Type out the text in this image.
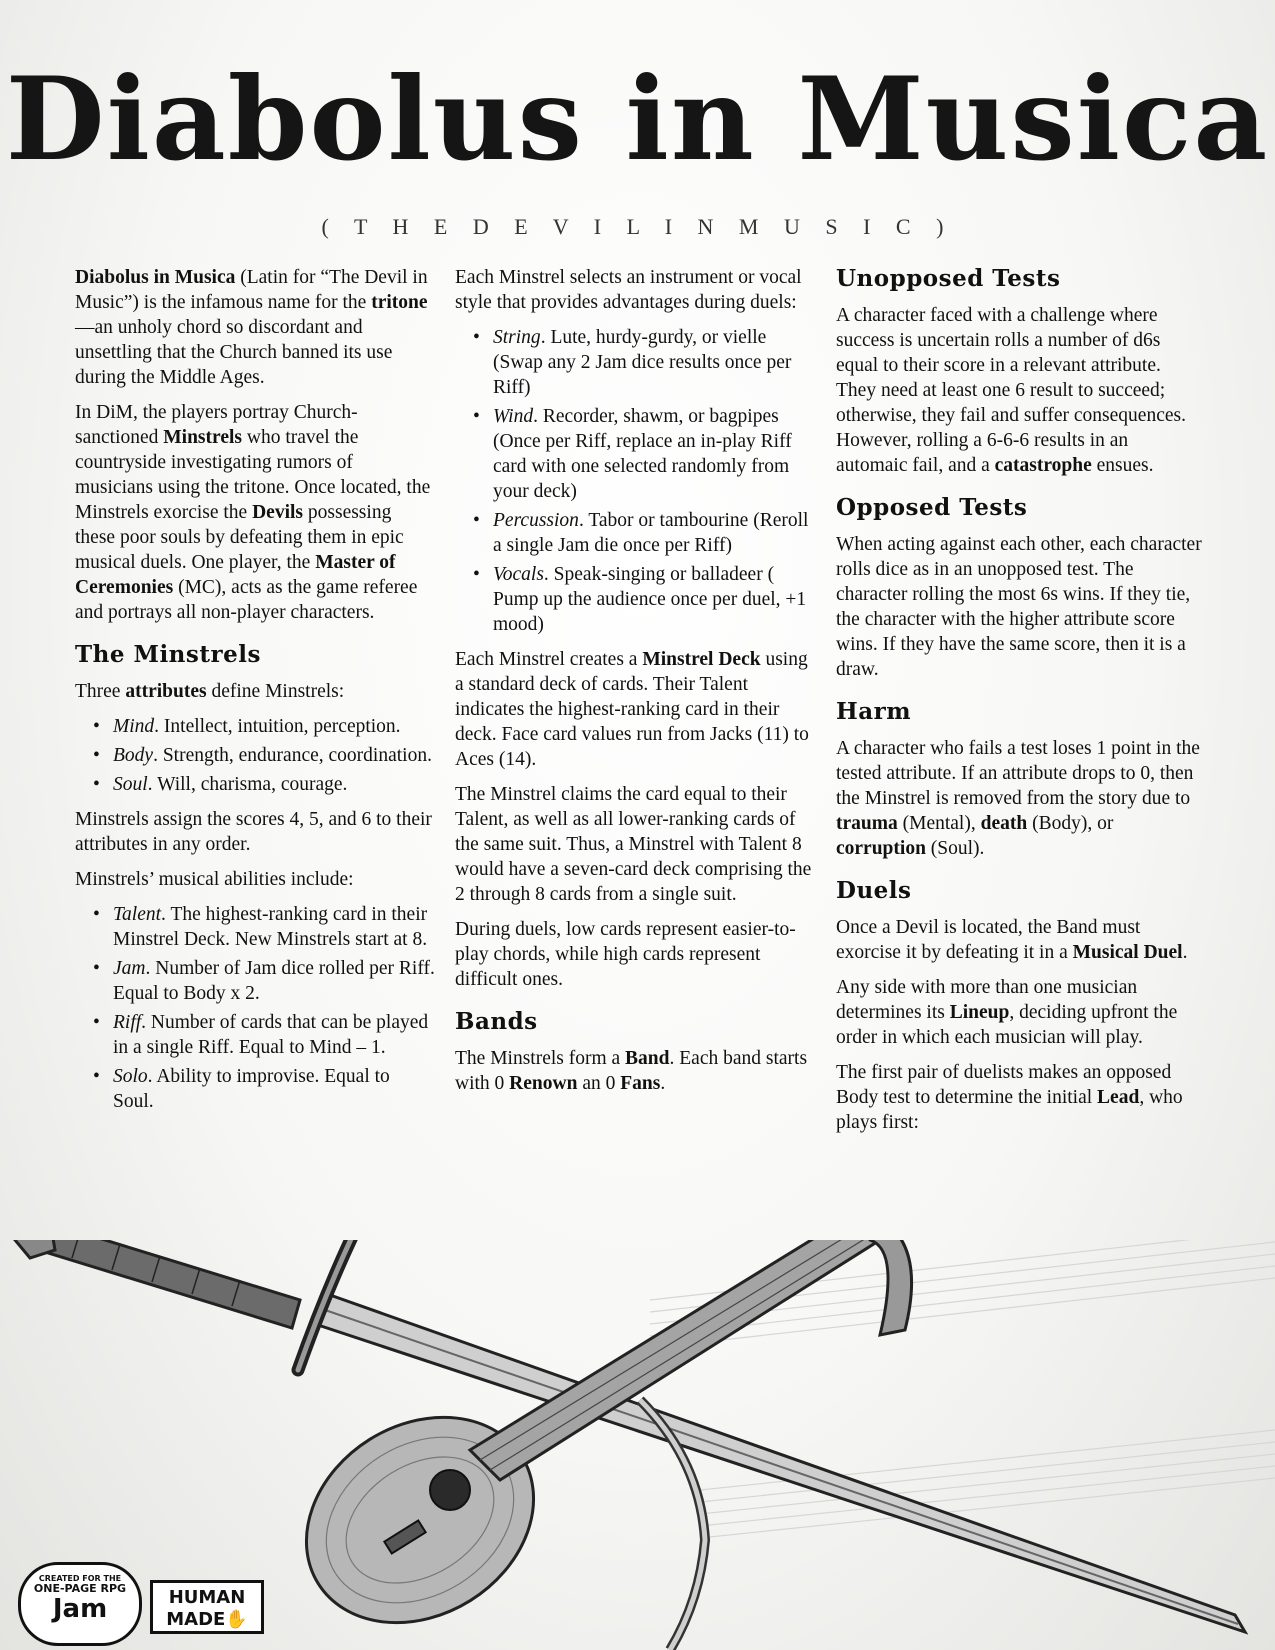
Diabolus in Musica
( T H E D E V I L I N M U S I C )

Diabolus in Musica (Latin for “The Devil in Music”) is the infamous name for the tritone—an unholy chord so discordant and unsettling that the Church banned its use during the Middle Ages.

In DiM, the players portray Church-sanctioned Minstrels who travel the countryside investigating rumors of musicians using the tritone. Once located, the Minstrels exorcise the Devils possessing these poor souls by defeating them in epic musical duels. One player, the Master of Ceremonies (MC), acts as the game referee and portrays all non-player characters.

The Minstrels

Three attributes define Minstrels:

• Mind. Intellect, intuition, perception.
• Body. Strength, endurance, coordination.
• Soul. Will, charisma, courage.

Minstrels assign the scores 4, 5, and 6 to their attributes in any order.

Minstrels’ musical abilities include:

• Talent. The highest-ranking card in their Minstrel Deck. New Minstrels start at 8.
• Jam. Number of Jam dice rolled per Riff. Equal to Body x 2.
• Riff. Number of cards that can be played in a single Riff. Equal to Mind – 1.
• Solo. Ability to improvise. Equal to Soul.

Each Minstrel selects an instrument or vocal style that provides advantages during duels:

• String. Lute, hurdy-gurdy, or vielle (Swap any 2 Jam dice results once per Riff)
• Wind. Recorder, shawm, or bagpipes (Once per Riff, replace an in-play Riff card with one selected randomly from your deck)
• Percussion. Tabor or tambourine (Reroll a single Jam die once per Riff)
• Vocals. Speak-singing or balladeer ( Pump up the audience once per duel, +1 mood)

Each Minstrel creates a Minstrel Deck using a standard deck of cards. Their Talent indicates the highest-ranking card in their deck. Face card values run from Jacks (11) to Aces (14).

The Minstrel claims the card equal to their Talent, as well as all lower-ranking cards of the same suit. Thus, a Minstrel with Talent 8 would have a seven-card deck comprising the 2 through 8 cards from a single suit.

During duels, low cards represent easier-to-play chords, while high cards represent difficult ones.

Bands

The Minstrels form a Band. Each band starts with 0 Renown an 0 Fans.

Unopposed Tests

A character faced with a challenge where success is uncertain rolls a number of d6s equal to their score in a relevant attribute. They need at least one 6 result to succeed; otherwise, they fail and suffer consequences. However, rolling a 6-6-6 results in an automaic fail, and a catastrophe ensues.

Opposed Tests

When acting against each other, each character rolls dice as in an unopposed test. The character rolling the most 6s wins. If they tie, the character with the higher attribute score wins. If they have the same score, then it is a draw.

Harm

A character who fails a test loses 1 point in the tested attribute. If an attribute drops to 0, then the Minstrel is removed from the story due to trauma (Mental), death (Body), or corruption (Soul).

Duels

Once a Devil is located, the Band must exorcise it by defeating it in a Musical Duel.

Any side with more than one musician determines its Lineup, deciding upfront the order in which each musician will play.

The first pair of duelists makes an opposed Body test to determine the initial Lead, who plays first:

CREATED FOR THE
ONE-PAGE RPG
Jam	HUMAN
MADE✋
